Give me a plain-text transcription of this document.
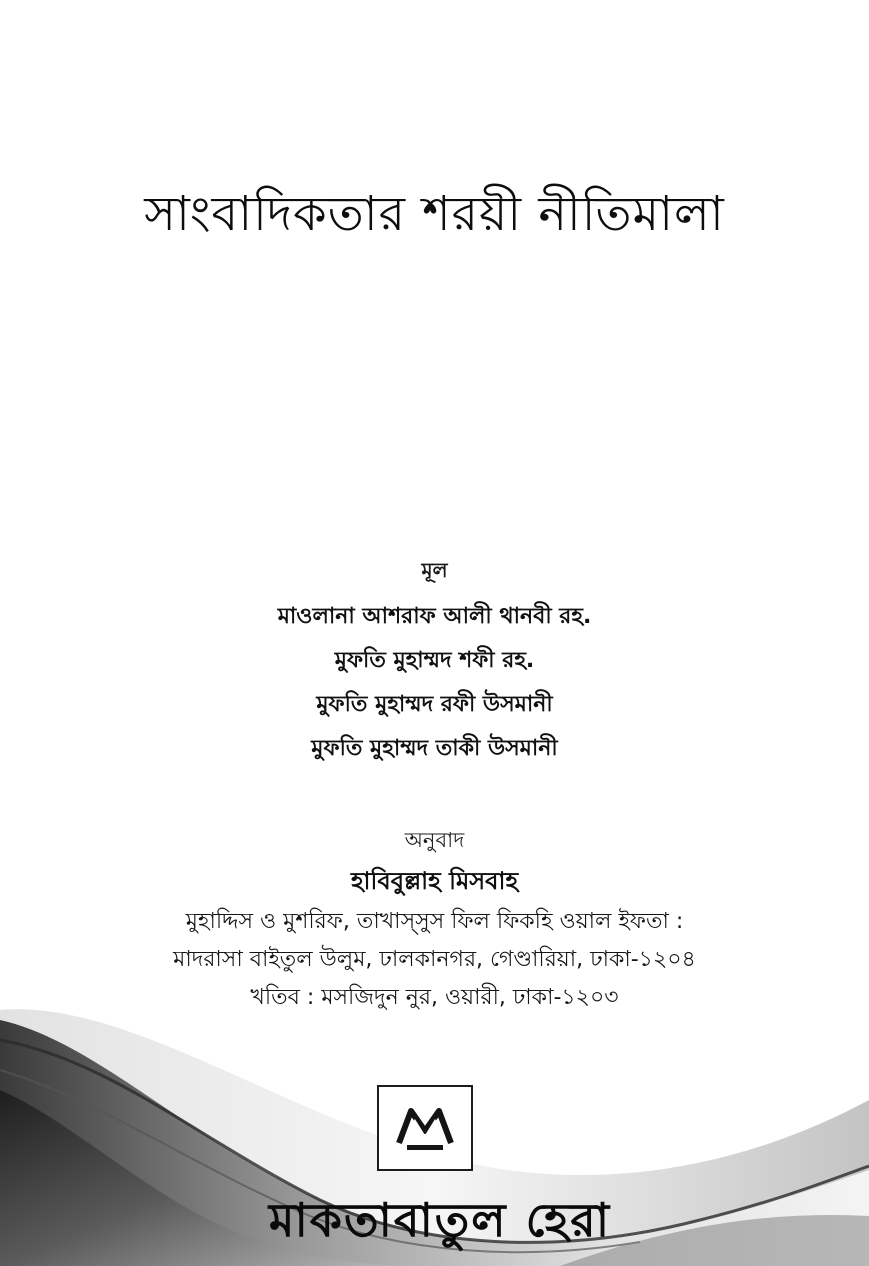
সাংবাদিকতার শরয়ী নীতিমালা
মূল
মাওলানা আশরাফ আলী থানবী রহ.
মুফতি মুহাম্মদ শফী রহ.
মুফতি মুহাম্মদ রফী উসমানী
মুফতি মুহাম্মদ তাকী উসমানী
অনুবাদ
হাবিবুল্লাহ মিসবাহ
মুহাদ্দিস ও মুশরিফ, তাখাস্সুস ফিল ফিকহি ওয়াল ইফতা :
মাদরাসা বাইতুল উলুম, ঢালকানগর, গেণ্ডারিয়া, ঢাকা-১২০৪
খতিব : মসজিদুন নুর, ওয়ারী, ঢাকা-১২০৩
মাকতাবাতুল হেরা
